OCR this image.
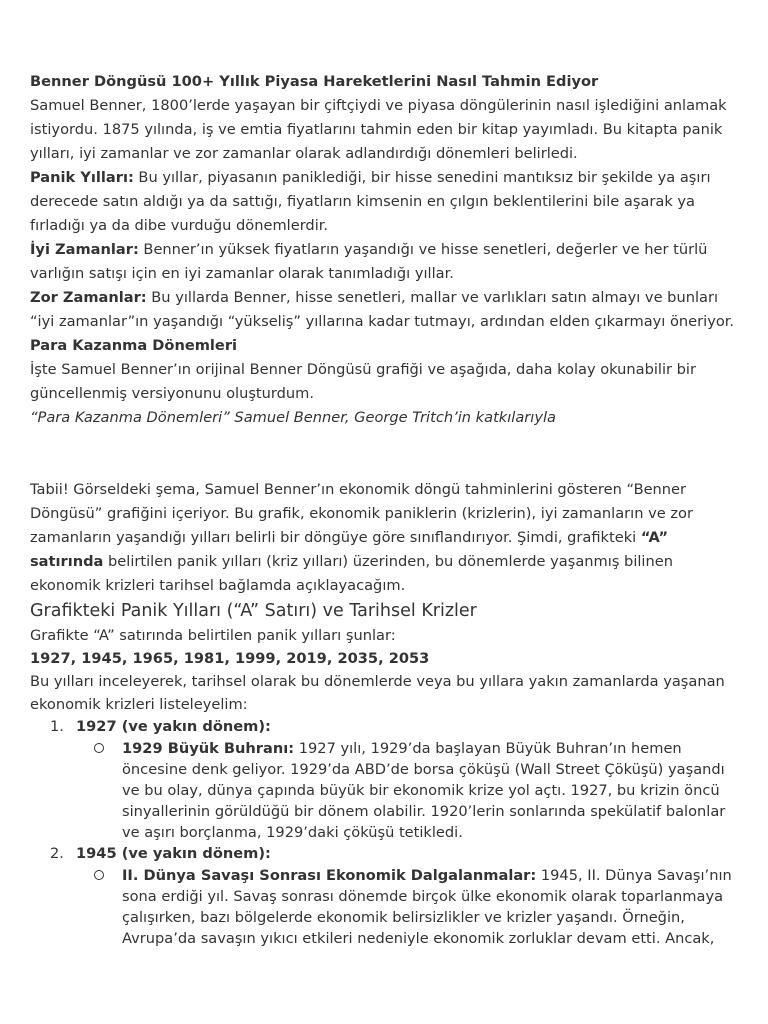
Benner Döngüsü 100+ Yıllık Piyasa Hareketlerini Nasıl Tahmin Ediyor

Samuel Benner, 1800’lerde yaşayan bir çiftçiydi ve piyasa döngülerinin nasıl işlediğini anlamak istiyordu. 1875 yılında, iş ve emtia fiyatlarını tahmin eden bir kitap yayımladı. Bu kitapta panik yılları, iyi zamanlar ve zor zamanlar olarak adlandırdığı dönemleri belirledi.

Panik Yılları: Bu yıllar, piyasanın paniklediği, bir hisse senedini mantıksız bir şekilde ya aşırı derecede satın aldığı ya da sattığı, fiyatların kimsenin en çılgın beklentilerini bile aşarak ya fırladığı ya da dibe vurduğu dönemlerdir.

İyi Zamanlar: Benner’ın yüksek fiyatların yaşandığı ve hisse senetleri, değerler ve her türlü varlığın satışı için en iyi zamanlar olarak tanımladığı yıllar.

Zor Zamanlar: Bu yıllarda Benner, hisse senetleri, mallar ve varlıkları satın almayı ve bunları “iyi zamanlar”ın yaşandığı “yükseliş” yıllarına kadar tutmayı, ardından elden çıkarmayı öneriyor.

Para Kazanma Dönemleri

İşte Samuel Benner’ın orijinal Benner Döngüsü grafiği ve aşağıda, daha kolay okunabilir bir güncellenmiş versiyonunu oluşturdum.

“Para Kazanma Dönemleri” Samuel Benner, George Tritch’in katkılarıyla

Tabii! Görseldeki şema, Samuel Benner’ın ekonomik döngü tahminlerini gösteren “Benner Döngüsü” grafiğini içeriyor. Bu grafik, ekonomik paniklerin (krizlerin), iyi zamanların ve zor zamanların yaşandığı yılları belirli bir döngüye göre sınıflandırıyor. Şimdi, grafikteki “A” satırında belirtilen panik yılları (kriz yılları) üzerinden, bu dönemlerde yaşanmış bilinen ekonomik krizleri tarihsel bağlamda açıklayacağım.

Grafikteki Panik Yılları (“A” Satırı) ve Tarihsel Krizler

Grafikte “A” satırında belirtilen panik yılları şunlar:

1927, 1945, 1965, 1981, 1999, 2019, 2035, 2053

Bu yılları inceleyerek, tarihsel olarak bu dönemlerde veya bu yıllara yakın zamanlarda yaşanan ekonomik krizleri listeleyelim:

1. 1927 (ve yakın dönem):
1929 Büyük Buhranı: 1927 yılı, 1929’da başlayan Büyük Buhran’ın hemen öncesine denk geliyor. 1929’da ABD’de borsa çöküşü (Wall Street Çöküşü) yaşandı ve bu olay, dünya çapında büyük bir ekonomik krize yol açtı. 1927, bu krizin öncü sinyallerinin görüldüğü bir dönem olabilir. 1920’lerin sonlarında spekülatif balonlar ve aşırı borçlanma, 1929’daki çöküşü tetikledi.
2. 1945 (ve yakın dönem):
II. Dünya Savaşı Sonrası Ekonomik Dalgalanmalar: 1945, II. Dünya Savaşı’nın sona erdiği yıl. Savaş sonrası dönemde birçok ülke ekonomik olarak toparlanmaya çalışırken, bazı bölgelerde ekonomik belirsizlikler ve krizler yaşandı. Örneğin, Avrupa’da savaşın yıkıcı etkileri nedeniyle ekonomik zorluklar devam etti. Ancak,
